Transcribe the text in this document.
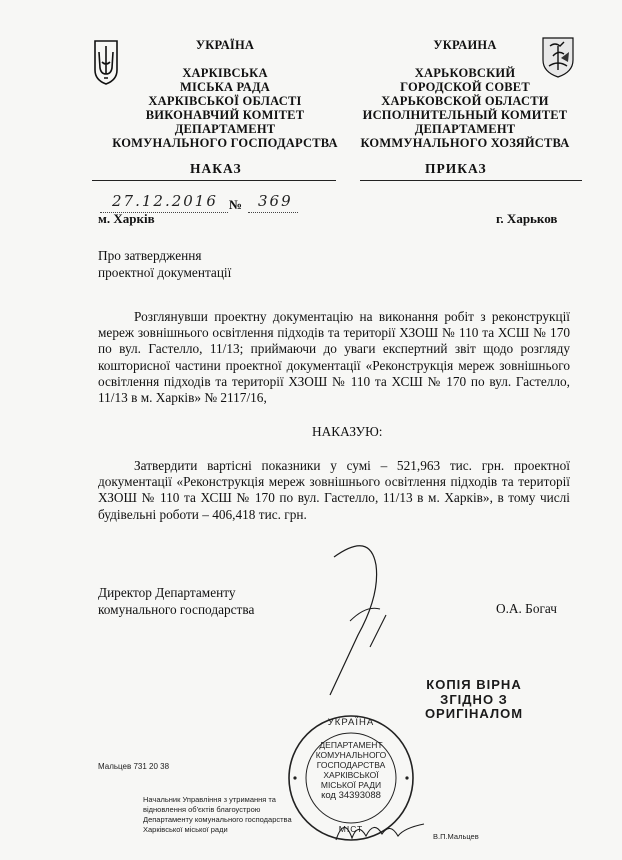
УКРАЇНА
ХАРКІВСЬКА
МІСЬКА РАДА
ХАРКІВСЬКОЇ ОБЛАСТІ
ВИКОНАВЧИЙ КОМІТЕТ
ДЕПАРТАМЕНТ
КОМУНАЛЬНОГО ГОСПОДАРСТВА
УКРАИНА
ХАРЬКОВСКИЙ
ГОРОДСКОЙ СОВЕТ
ХАРЬКОВСКОЙ ОБЛАСТИ
ИСПОЛНИТЕЛЬНЫЙ КОМИТЕТ
ДЕПАРТАМЕНТ
КОММУНАЛЬНОГО ХОЗЯЙСТВА
НАКАЗ	ПРИКАЗ
27.12.2016 № 369
м. Харків	г. Харьков
Про затвердження
проектної документації
Розглянувши проектну документацію на виконання робіт з реконструкції мереж зовнішнього освітлення підходів та території ХЗОШ № 110 та ХСШ № 170 по вул. Гастелло, 11/13; приймаючи до уваги експертний звіт щодо розгляду кошторисної частини проектної документації «Реконструкція мереж зовнішнього освітлення підходів та території ХЗОШ № 110 та ХСШ № 170 по вул. Гастелло, 11/13 в м. Харків» № 2117/16,
НАКАЗУЮ:
Затвердити вартісні показники у сумі – 521,963 тис. грн. проектної документації «Реконструкція мереж зовнішнього освітлення підходів та території ХЗОШ № 110 та ХСШ № 170 по вул. Гастелло, 11/13 в м. Харків», в тому числі будівельні роботи – 406,418 тис. грн.
Директор Департаменту
комунального господарства	О.А. Богач
КОПІЯ ВІРНА
ЗГІДНО З
ОРИГІНАЛОМ
УКРАЇНА
ДЕПАРТАМЕНТ
КОМУНАЛЬНОГО
ГОСПОДАРСТВА
ХАРКІВСЬКОЇ
МІСЬКОЇ РАДИ
код 34393088
МІСТ
Мальцев 731 20 38
Начальник Управління з утримання та
відновлення об'єктів благоустрою
Департаменту комунального господарства
Харківської міської ради
В.П.Мальцев
